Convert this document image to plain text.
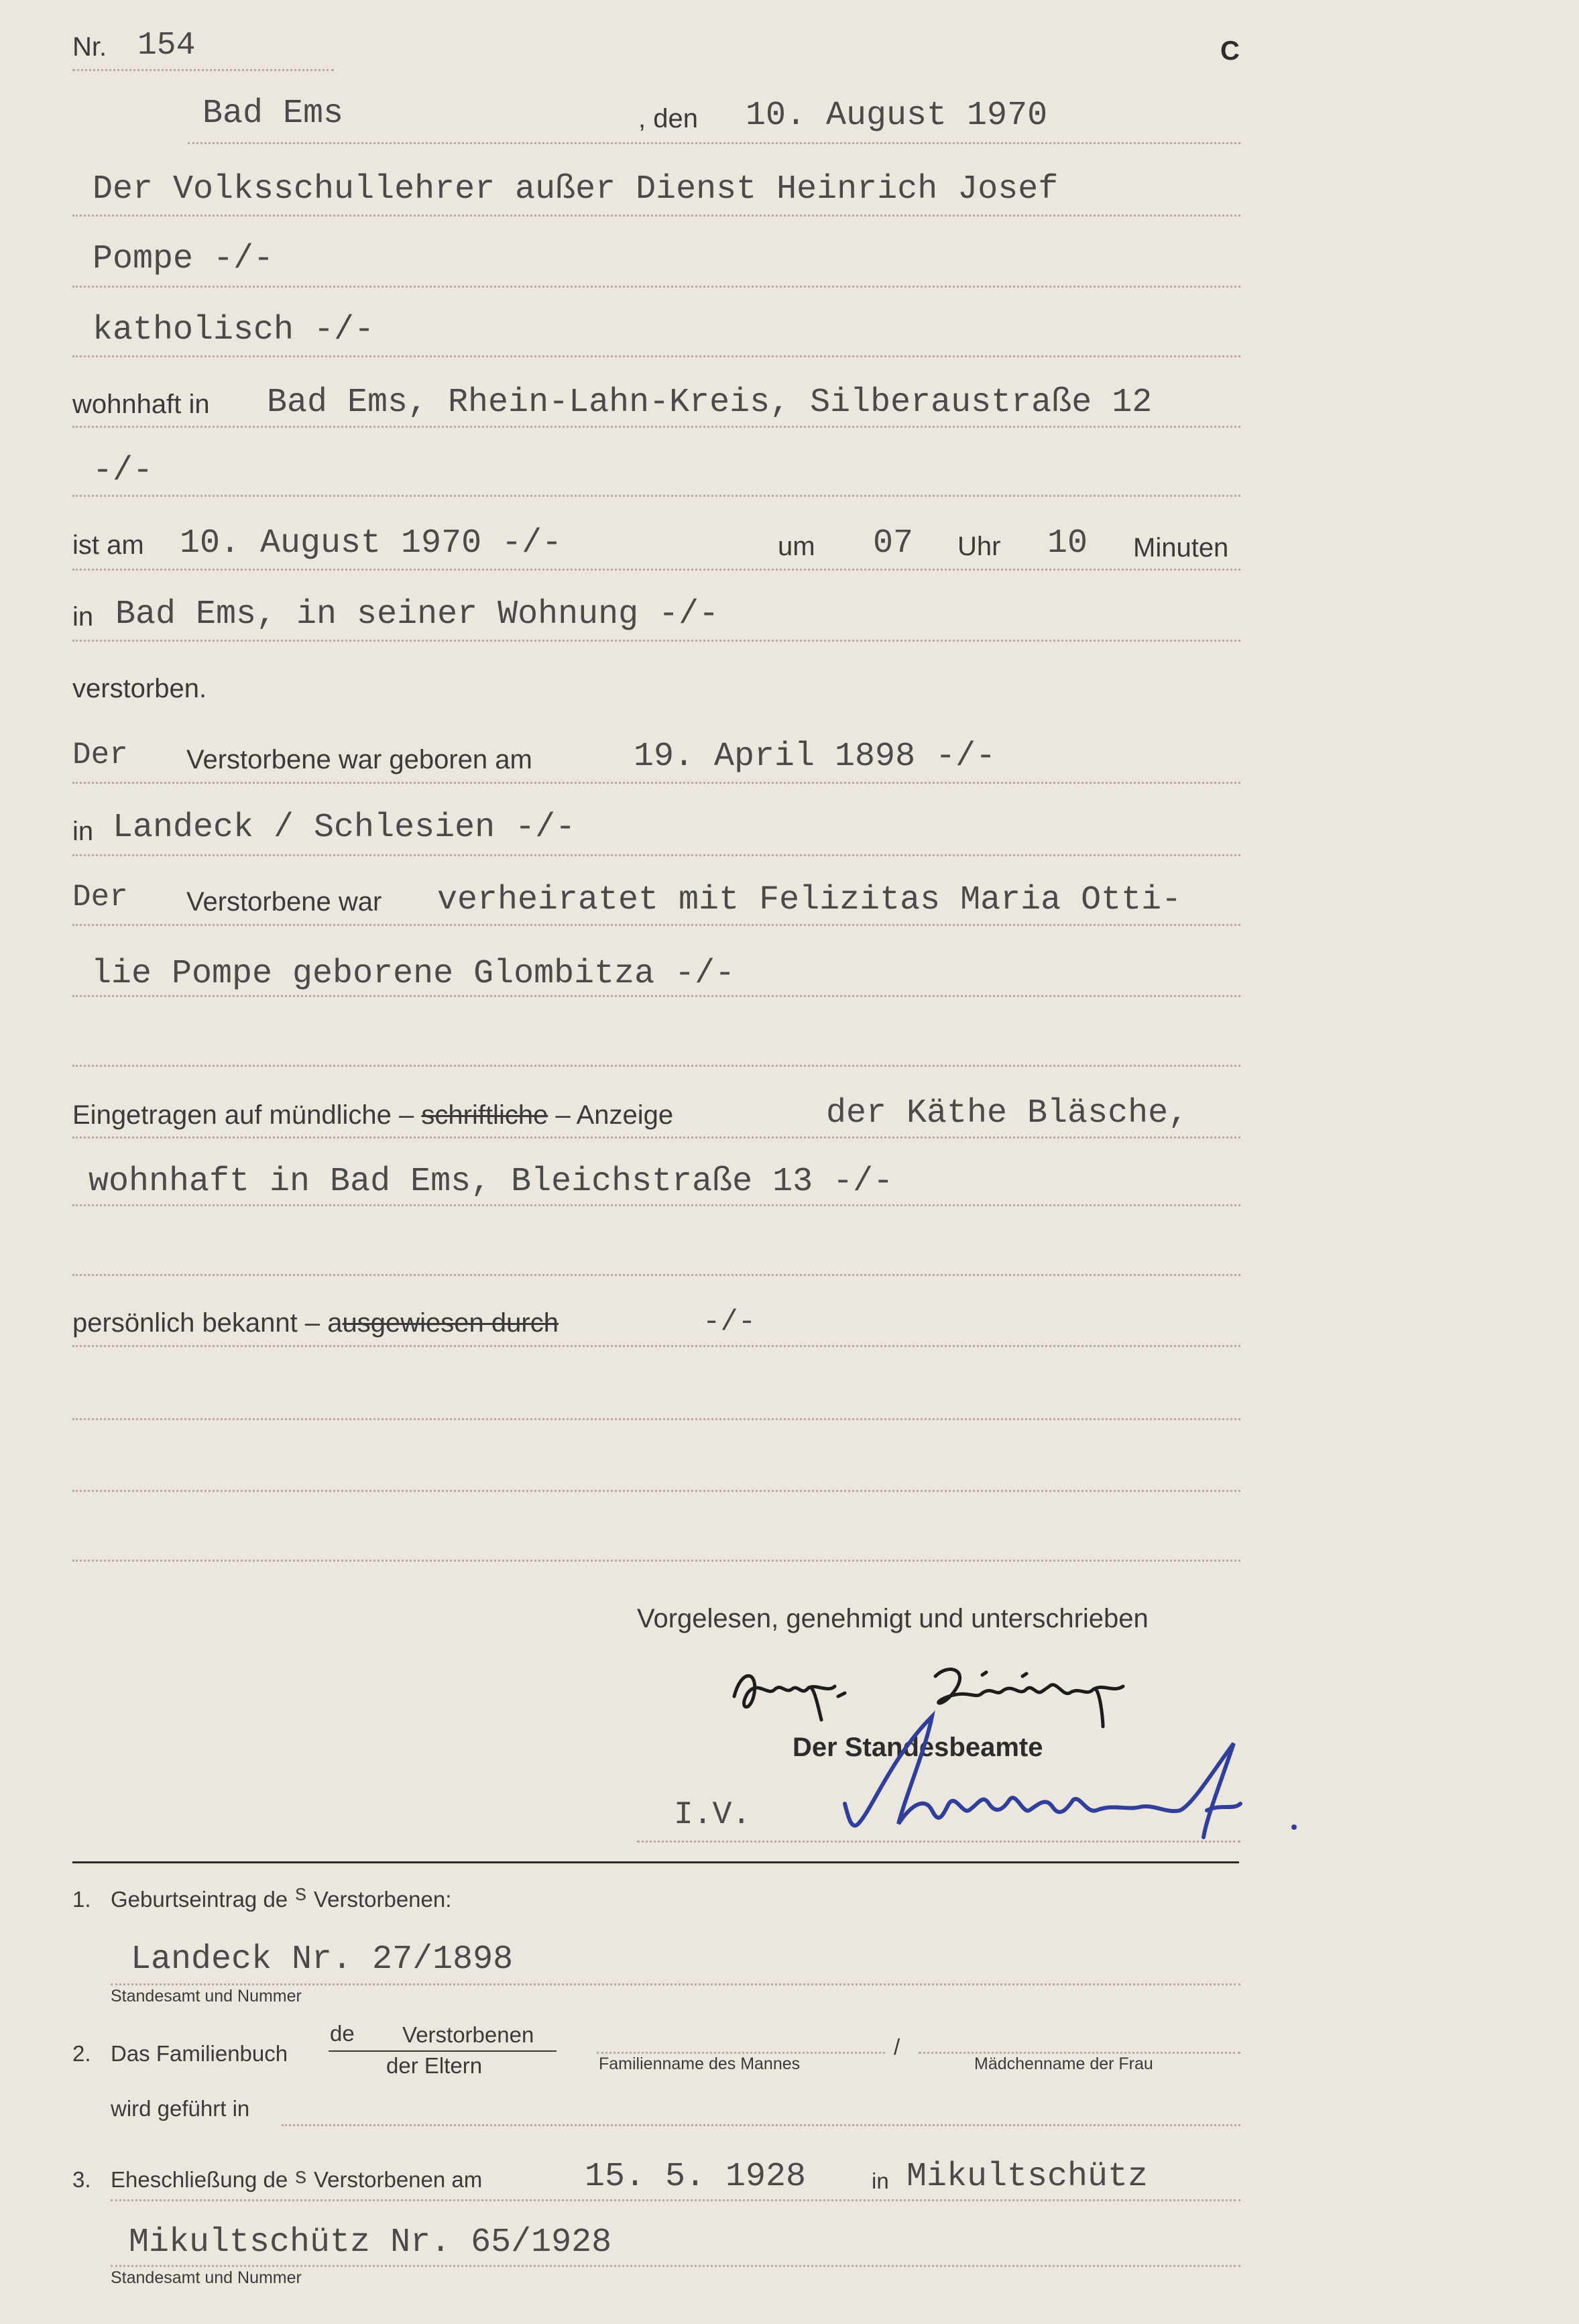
Nr. 154	C
Bad Ems	, den 10. August 1970
Der Volksschullehrer außer Dienst Heinrich Josef
Pompe -/-
katholisch -/-
wohnhaft in Bad Ems, Rhein-Lahn-Kreis, Silberaustraße 12
-/-
ist am 10. August 1970 -/-	um 07 Uhr 10 Minuten
in Bad Ems, in seiner Wohnung -/-
verstorben.
Der Verstorbene war geboren am	19. April 1898 -/-
in Landeck / Schlesien -/-
Der Verstorbene war verheiratet mit Felizitas Maria Otti-
lie Pompe geborene Glombitza -/-
Eingetragen auf mündliche – schriftliche – Anzeige	der Käthe Bläsche,
wohnhaft in Bad Ems, Bleichstraße 13 -/-
persönlich bekannt – ausgewiesen durch	-/-
Vorgelesen, genehmigt und unterschrieben
Der Standesbeamte
I.V.
1. Geburtseintrag de s Verstorbenen:
Landeck Nr. 27/1898
Standesamt und Nummer
2. Das Familienbuch
de Verstorbenen
der Eltern	Familienname des Mannes
/
Mädchenname der Frau
wird geführt in
3. Eheschließung de s Verstorbenen am	15. 5. 1928	in Mikultschütz
Mikultschütz Nr. 65/1928
Standesamt und Nummer
